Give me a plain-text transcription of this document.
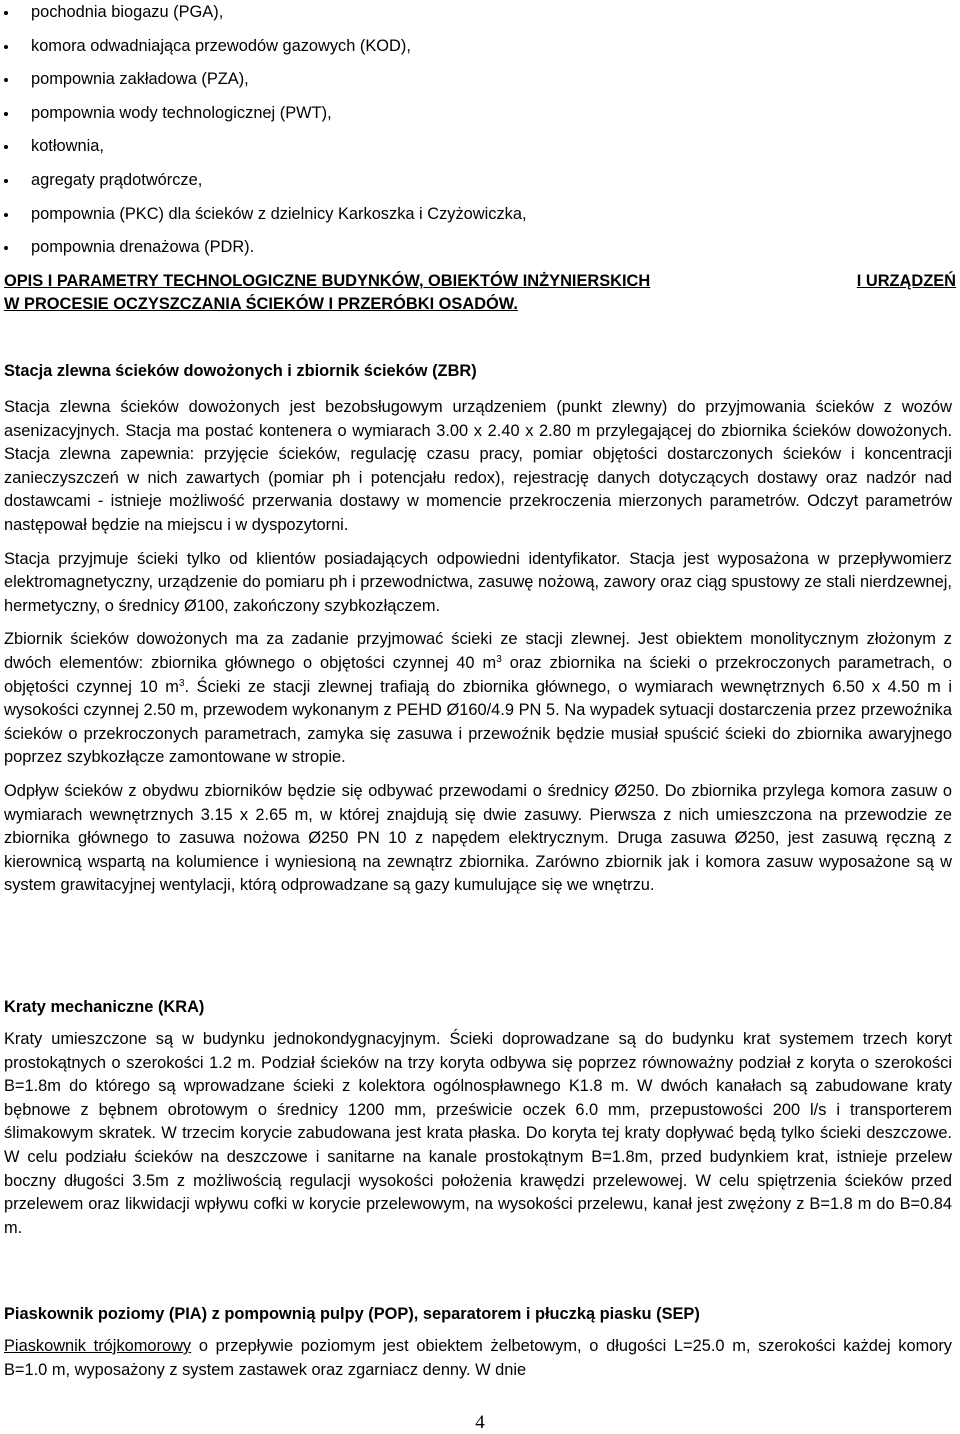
pochodnia biogazu (PGA),
komora odwadniająca przewodów gazowych (KOD),
pompownia zakładowa (PZA),
pompownia wody technologicznej (PWT),
kotłownia,
agregaty prądotwórcze,
pompownia (PKC) dla ścieków z dzielnicy Karkoszka i Czyżowiczka,
pompownia drenażowa (PDR).
OPIS I PARAMETRY TECHNOLOGICZNE BUDYNKÓW, OBIEKTÓW INŻYNIERSKICH	I URZĄDZEŃ
W PROCESIE OCZYSZCZANIA ŚCIEKÓW I PRZERÓBKI OSADÓW.
Stacja zlewna ścieków dowożonych i zbiornik ścieków (ZBR)

Stacja zlewna ścieków dowożonych jest bezobsługowym urządzeniem (punkt zlewny) do przyjmowania ścieków z wozów asenizacyjnych. Stacja ma postać kontenera o wymiarach 3.00 x 2.40 x 2.80 m przylegającej do zbiornika ścieków dowożonych. Stacja zlewna zapewnia: przyjęcie ścieków, regulację czasu pracy, pomiar objętości dostarczonych ścieków i koncentracji zanieczyszczeń w nich zawartych (pomiar ph i potencjału redox), rejestrację danych dotyczących dostawy oraz nadzór nad dostawcami - istnieje możliwość przerwania dostawy w momencie przekroczenia mierzonych parametrów. Odczyt parametrów następował będzie na miejscu i w dyspozytorni.

Stacja przyjmuje ścieki tylko od klientów posiadających odpowiedni identyfikator. Stacja jest wyposażona w przepływomierz elektromagnetyczny, urządzenie do pomiaru ph i przewodnictwa, zasuwę nożową, zawory oraz ciąg spustowy ze stali nierdzewnej, hermetyczny, o średnicy Ø100, zakończony szybkozłączem.

Zbiornik ścieków dowożonych ma za zadanie przyjmować ścieki ze stacji zlewnej. Jest obiektem monolitycznym złożonym z dwóch elementów: zbiornika głównego o objętości czynnej 40 $m^3$ oraz zbiornika na ścieki o przekroczonych parametrach, o objętości czynnej 10 $m^3$. Ścieki ze stacji zlewnej trafiają do zbiornika głównego, o wymiarach wewnętrznych 6.50 x 4.50 m i wysokości czynnej 2.50 m, przewodem wykonanym z PEHD Ø160/4.9 PN 5. Na wypadek sytuacji dostarczenia przez przewoźnika ścieków o przekroczonych parametrach, zamyka się zasuwa i przewoźnik będzie musiał spuścić ścieki do zbiornika awaryjnego poprzez szybkozłącze zamontowane w stropie.

Odpływ ścieków z obydwu zbiorników będzie się odbywać przewodami o średnicy Ø250. Do zbiornika przylega komora zasuw o wymiarach wewnętrznych 3.15 x 2.65 m, w której znajdują się dwie zasuwy. Pierwsza z nich umieszczona na przewodzie ze zbiornika głównego to zasuwa nożowa Ø250 PN 10 z napędem elektrycznym. Druga zasuwa Ø250, jest zasuwą ręczną z kierownicą wspartą na kolumience i wyniesioną na zewnątrz zbiornika. Zarówno zbiornik jak i komora zasuw wyposażone są w system grawitacyjnej wentylacji, którą odprowadzane są gazy kumulujące się we wnętrzu.

Kraty mechaniczne (KRA)

Kraty umieszczone są w budynku jednokondygnacyjnym. Ścieki doprowadzane są do budynku krat systemem trzech koryt prostokątnych o szerokości 1.2 m. Podział ścieków na trzy koryta odbywa się poprzez równoważny podział z koryta o szerokości B=1.8m do którego są wprowadzane ścieki z kolektora ogólnospławnego K1.8 m. W dwóch kanałach są zabudowane kraty bębnowe z bębnem obrotowym o średnicy 1200 mm, prześwicie oczek 6.0 mm, przepustowości 200 l/s i transporterem ślimakowym skratek. W trzecim korycie zabudowana jest krata płaska. Do koryta tej kraty dopływać będą tylko ścieki deszczowe. W celu podziału ścieków na deszczowe i sanitarne na kanale prostokątnym B=1.8m, przed budynkiem krat, istnieje przelew boczny długości 3.5m z możliwością regulacji wysokości położenia krawędzi przelewowej. W celu spiętrzenia ścieków przed przelewem oraz likwidacji wpływu cofki w korycie przelewowym, na wysokości przelewu, kanał jest zwężony z B=1.8 m do B=0.84 m.

Piaskownik poziomy (PIA) z pompownią pulpy (POP), separatorem i płuczką piasku (SEP)

Piaskownik trójkomorowy o przepływie poziomym jest obiektem żelbetowym, o długości L=25.0 m, szerokości każdej komory B=1.0 m, wyposażony z system zastawek oraz zgarniacz denny. W dnie

4
